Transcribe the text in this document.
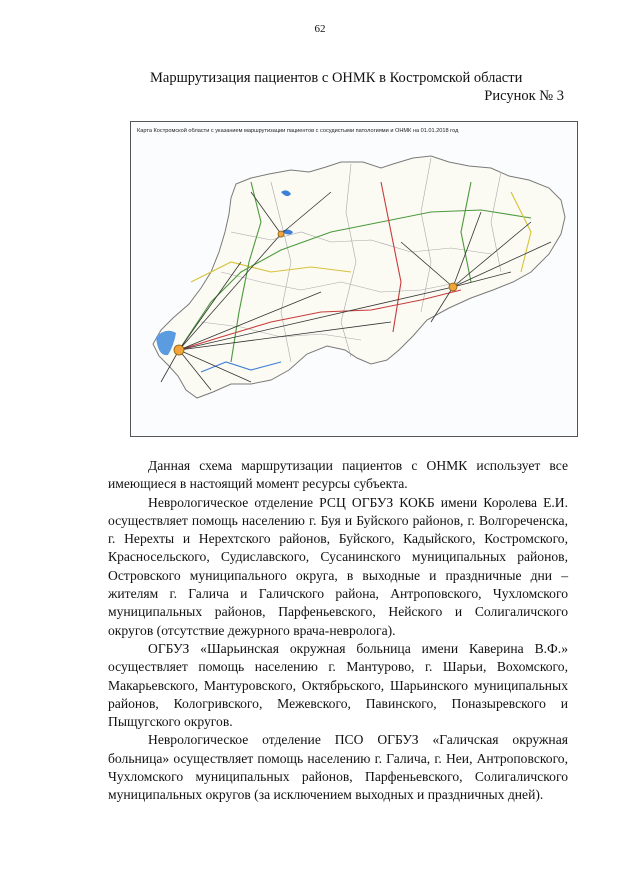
62
Маршрутизация пациентов с ОНМК в Костромской области
Рисунок № 3
Карта Костромской области с указанием маршрутизации пациентов с сосудистыми патологиями и ОНМК на 01.01.2018 год

Данная схема маршрутизации пациентов с ОНМК использует все имеющиеся в настоящий момент ресурсы субъекта.

Неврологическое отделение РСЦ ОГБУЗ КОКБ имени Королева Е.И. осуществляет помощь населению г. Буя и Буйского районов, г. Волгореченска, г. Нерехты и Нерехтского районов, Буйского, Кадыйского, Костромского, Красносельского, Судиславского, Сусанинского муниципальных районов, Островского муниципального округа, в выходные и праздничные дни – жителям г. Галича и Галичского района, Антроповского, Чухломского муниципальных районов, Парфеньевского, Нейского и Солигаличского округов (отсутствие дежурного врача-невролога).

ОГБУЗ «Шарьинская окружная больница имени Каверина В.Ф.» осуществляет помощь населению г. Мантурово, г. Шарьи, Вохомского, Макарьевского, Мантуровского, Октябрьского, Шарьинского муниципальных районов, Кологривского, Межевского, Павинского, Поназыревского и Пыщугского округов.

Неврологическое отделение ПСО ОГБУЗ «Галичская окружная больница» осуществляет помощь населению г. Галича, г. Неи, Антроповского, Чухломского муниципальных районов, Парфеньевского, Солигаличского муниципальных округов (за исключением выходных и праздничных дней).
